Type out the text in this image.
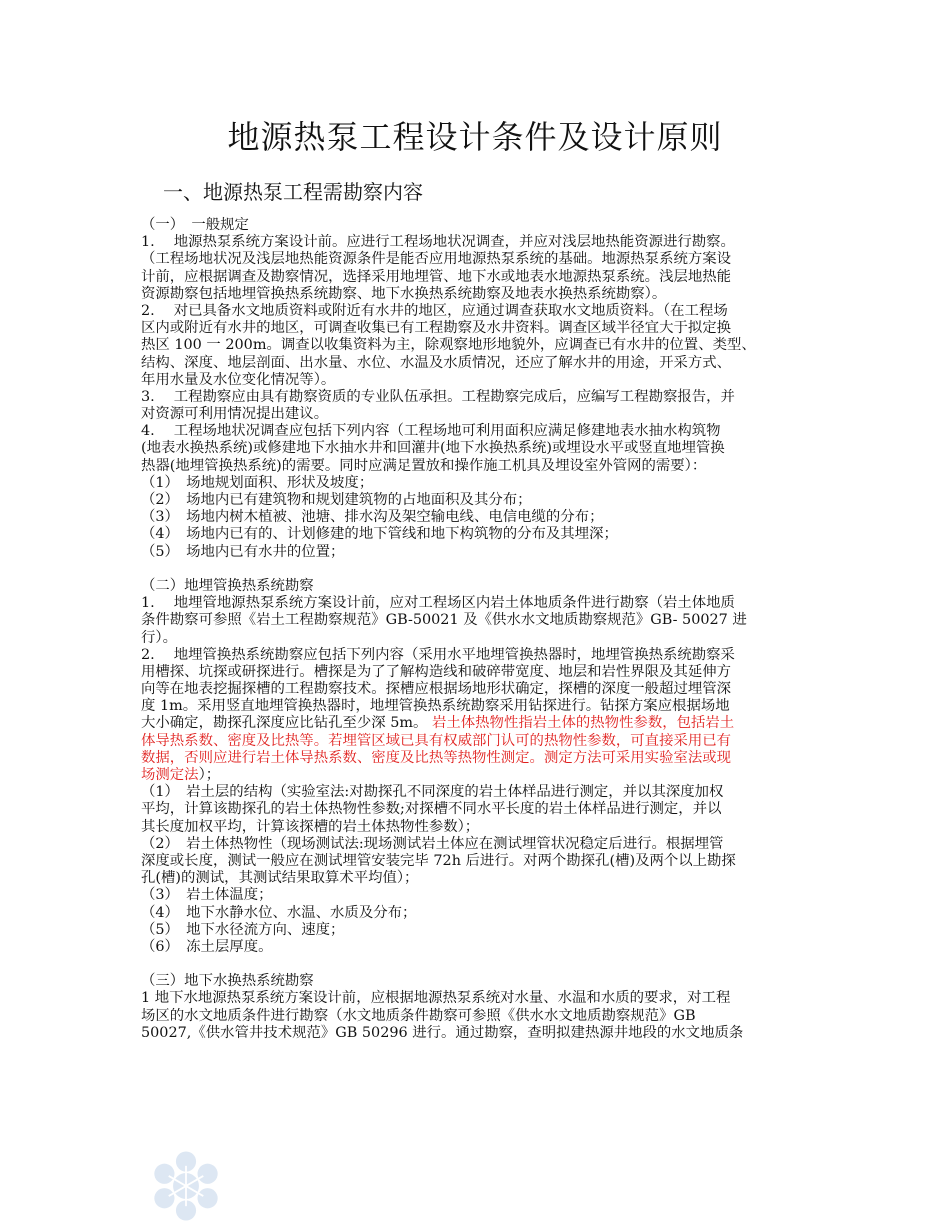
地源热泵工程设计条件及设计原则
一、地源热泵工程需勘察内容
（一）　一般规定
1.　 地源热泵系统方案设计前。应进行工程场地状况调查，并应对浅层地热能资源进行勘察。
（工程场地状况及浅层地热能资源条件是能否应用地源热泵系统的基础。地源热泵系统方案设
计前，应根据调查及勘察情况，选择采用地埋管、地下水或地表水地源热泵系统。浅层地热能
资源勘察包括地埋管换热系统勘察、地下水换热系统勘察及地表水换热系统勘察）。
2.　 对已具备水文地质资料或附近有水井的地区，应通过调查获取水文地质资料。（在工程场
区内或附近有水井的地区，可调查收集已有工程勘察及水井资料。调查区域半径宜大于拟定换
热区 100 一 200m。调查以收集资料为主，除观察地形地貌外，应调查已有水井的位置、类型、
结构、深度、地层剖面、出水量、水位、水温及水质情况，还应了解水井的用途，开采方式、
年用水量及水位变化情况等）。
3.　 工程勘察应由具有勘察资质的专业队伍承担。工程勘察完成后，应编写工程勘察报告，并
对资源可利用情况提出建议。
4.　 工程场地状况调查应包括下列内容（工程场地可利用面积应满足修建地表水抽水构筑物
(地表水换热系统)或修建地下水抽水井和回灌井(地下水换热系统)或埋设水平或竖直地埋管换
热器(地埋管换热系统)的需要。同时应满足置放和操作施工机具及埋设室外管网的需要）：
（1）　场地规划面积、形状及坡度；
（2）　场地内已有建筑物和规划建筑物的占地面积及其分布；
（3）　场地内树木植被、池塘、排水沟及架空输电线、电信电缆的分布；
（4）　场地内已有的、计划修建的地下管线和地下构筑物的分布及其埋深；
（5）　场地内已有水井的位置；
（二）地埋管换热系统勘察
1.　 地埋管地源热泵系统方案设计前，应对工程场区内岩土体地质条件进行勘察（岩土体地质
条件勘察可参照《岩土工程勘察规范》GB-50021 及《供水水文地质勘察规范》GB- 50027 进
行）。
2.　 地埋管换热系统勘察应包括下列内容（采用水平地埋管换热器时，地埋管换热系统勘察采
用槽探、坑探或研探进行。槽探是为了了解构造线和破碎带宽度、地层和岩性界限及其延伸方
向等在地表挖掘探槽的工程勘察技术。探槽应根据场地形状确定，探槽的深度一般超过埋管深
度 1m。采用竖直地埋管换热器时，地埋管换热系统勘察采用钻探进行。钻探方案应根据场地
大小确定，勘探孔深度应比钻孔至少深 5m。 岩土体热物性指岩土体的热物性参数，包括岩土
体导热系数、密度及比热等。若埋管区域已具有权威部门认可的热物性参数，可直接采用已有
数据，否则应进行岩土体导热系数、密度及比热等热物性测定。测定方法可采用实验室法或现
场测定法）；
（1）　岩土层的结构（实验室法:对勘探孔不同深度的岩土体样品进行测定，并以其深度加权
平均，计算该勘探孔的岩土体热物性参数;对探槽不同水平长度的岩土体样品进行测定，并以
其长度加权平均，计算该探槽的岩土体热物性参数）；
（2）　岩土体热物性（现场测试法:现场测试岩土体应在测试埋管状况稳定后进行。根据埋管
深度或长度，测试一般应在测试埋管安装完毕 72h 后进行。对两个勘探孔(槽)及两个以上勘探
孔(槽)的测试，其测试结果取算术平均值）；
（3）　岩土体温度；
（4）　地下水静水位、水温、水质及分布；
（5）　地下水径流方向、速度；
（6）　冻土层厚度。
（三）地下水换热系统勘察
1 地下水地源热泵系统方案设计前，应根据地源热泵系统对水量、水温和水质的要求，对工程
场区的水文地质条件进行勘察（水文地质条件勘察可参照《供水水文地质勘察规范》GB
50027,《供水管井技术规范》GB 50296 进行。通过勘察，查明拟建热源井地段的水文地质条
